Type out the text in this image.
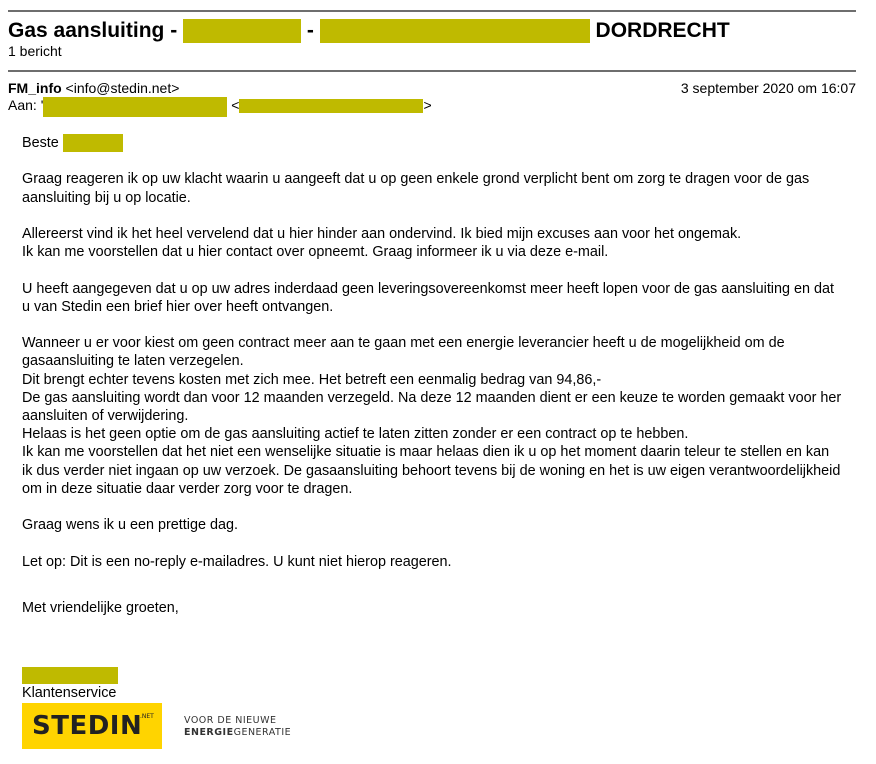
Gas aansluiting -	-	DORDRECHT
1 bericht
FM_info <info@stedin.net>	3 september 2020 om 16:07
Aan: '	<	>

Beste

Graag reageren ik op uw klacht waarin u aangeeft dat u op geen enkele grond verplicht bent om zorg te dragen voor de gas aansluiting bij u op locatie.

Allereerst vind ik het heel vervelend dat u hier hinder aan ondervind. Ik bied mijn excuses aan voor het ongemak.

Ik kan me voorstellen dat u hier contact over opneemt. Graag informeer ik u via deze e-mail.

U heeft aangegeven dat u op uw adres inderdaad geen leveringsovereenkomst meer heeft lopen voor de gas aansluiting en dat u van Stedin een brief hier over heeft ontvangen.

Wanneer u er voor kiest om geen contract meer aan te gaan met een energie leverancier heeft u de mogelijkheid om de gasaansluiting te laten verzegelen.

Dit brengt echter tevens kosten met zich mee. Het betreft een eenmalig bedrag van 94,86,-

De gas aansluiting wordt dan voor 12 maanden verzegeld. Na deze 12 maanden dient er een keuze te worden gemaakt voor her aansluiten of verwijdering.

Helaas is het geen optie om de gas aansluiting actief te laten zitten zonder er een contract op te hebben.

Ik kan me voorstellen dat het niet een wenselijke situatie is maar helaas dien ik u op het moment daarin teleur te stellen en kan ik dus verder niet ingaan op uw verzoek. De gasaansluiting behoort tevens bij de woning en het is uw eigen verantwoordelijkheid om in deze situatie daar verder zorg voor te dragen.

Graag wens ik u een prettige dag.

Let op: Dit is een no-reply e-mailadres. U kunt niet hierop reageren.

Met vriendelijke groeten,

Klantenservice
STEDIN
.NET	VOOR DE NIEUWE
ENERGIEGENERATIE
